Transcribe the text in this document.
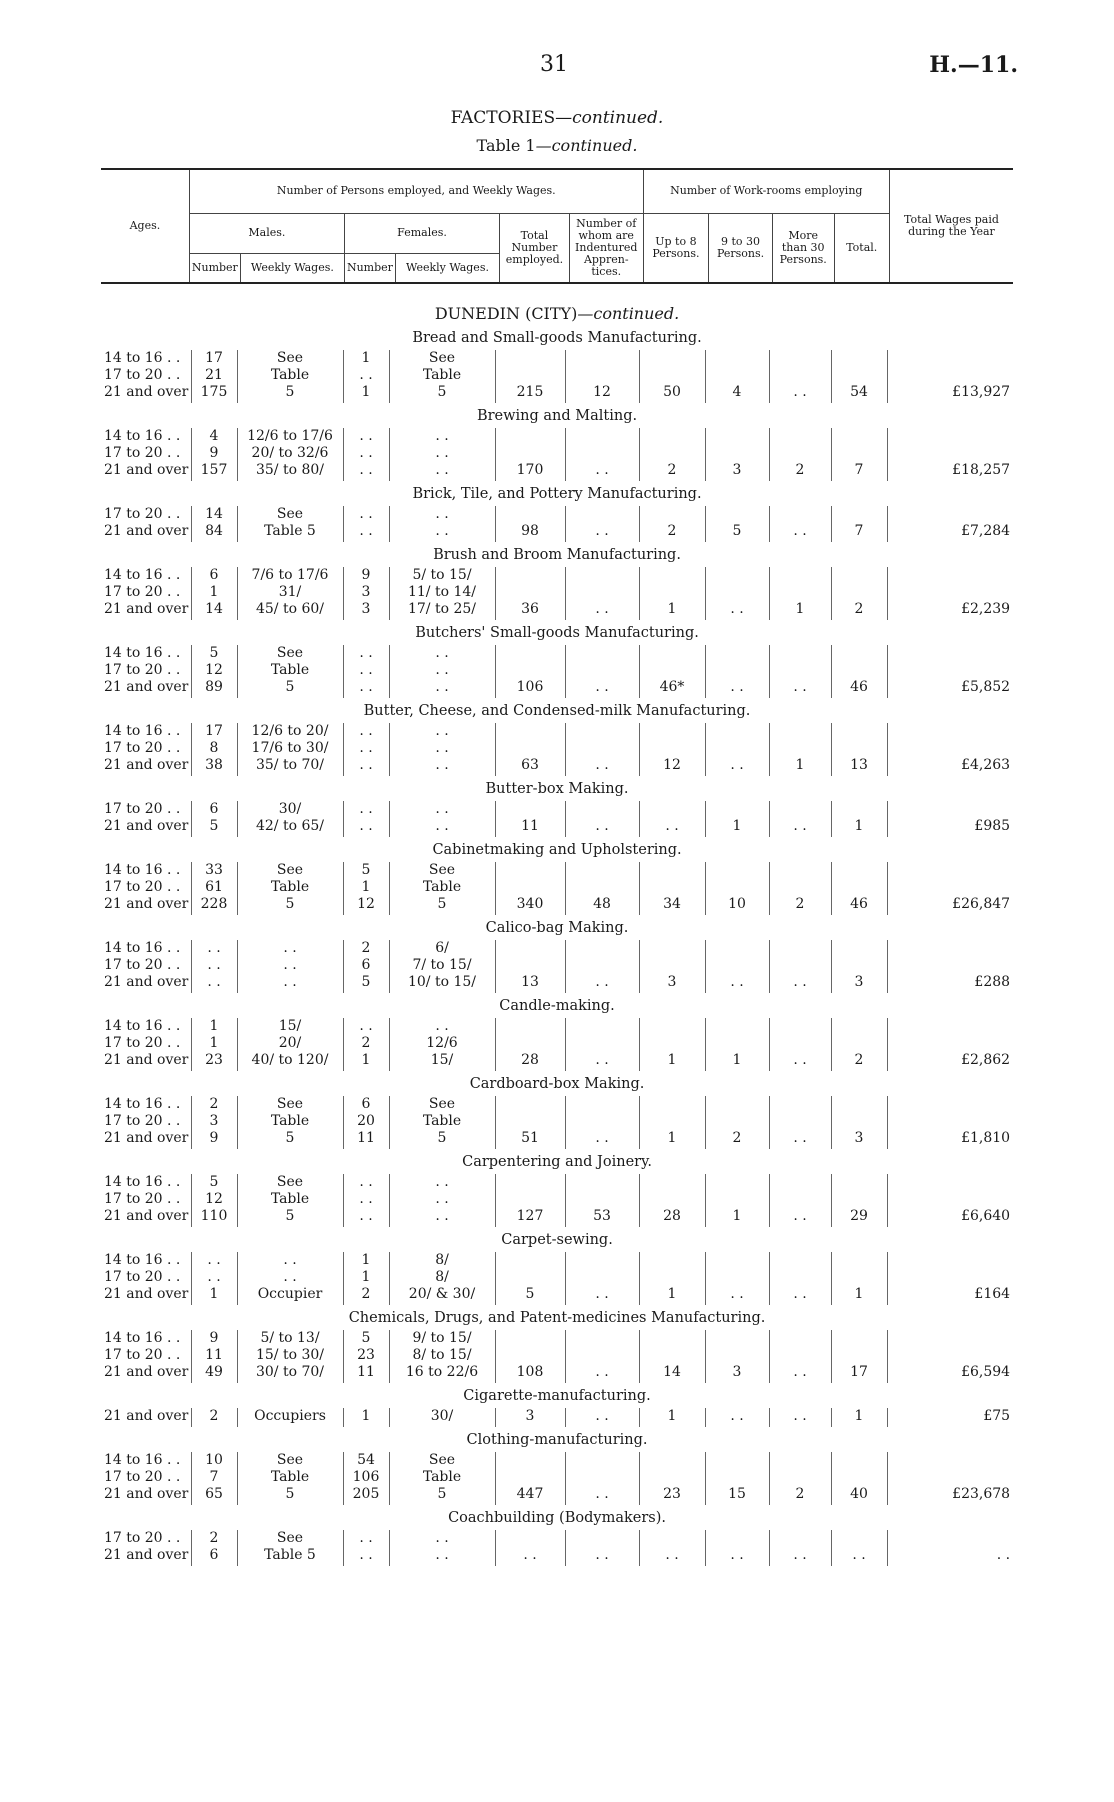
31	H.—11.
FACTORIES—continued.
Table 1—continued.
Ages.	Number of Persons employed, and Weekly Wages.						Number of Work-rooms employing				Total Wages paid during the Year
	Males.		Females.		Total Number employed.	Number of whom are Indentured Appren-tices.	Up to 8 Persons.	9 to 30 Persons.	More than 30 Persons.	Total.	
	Number	Weekly Wages.	Number	Weekly Wages.							
DUNEDIN (CITY)—continued.											
Bread and Small-goods Manufacturing.											
14 to 16 . .	17	See	1	See							
17 to 20 . .	21	Table	. .	Table							
21 and over	175	5	1	5	215	12	50	4	. .	54	£13,927
Brewing and Malting.											
14 to 16 . .	4	12/6 to 17/6	. .	. .							
17 to 20 . .	9	20/ to 32/6	. .	. .							
21 and over	157	35/ to 80/	. .	. .	170	. .	2	3	2	7	£18,257
Brick, Tile, and Pottery Manufacturing.											
17 to 20 . .	14	See	. .	. .							
21 and over	84	Table 5	. .	. .	98	. .	2	5	. .	7	£7,284
Brush and Broom Manufacturing.											
14 to 16 . .	6	7/6 to 17/6	9	5/ to 15/							
17 to 20 . .	1	31/	3	11/ to 14/							
21 and over	14	45/ to 60/	3	17/ to 25/	36	. .	1	. .	1	2	£2,239
Butchers' Small-goods Manufacturing.											
14 to 16 . .	5	See	. .	. .							
17 to 20 . .	12	Table	. .	. .							
21 and over	89	5	. .	. .	106	. .	46*	. .	. .	46	£5,852
Butter, Cheese, and Condensed-milk Manufacturing.											
14 to 16 . .	17	12/6 to 20/	. .	. .							
17 to 20 . .	8	17/6 to 30/	. .	. .							
21 and over	38	35/ to 70/	. .	. .	63	. .	12	. .	1	13	£4,263
Butter-box Making.											
17 to 20 . .	6	30/	. .	. .							
21 and over	5	42/ to 65/	. .	. .	11	. .	. .	1	. .	1	£985
Cabinetmaking and Upholstering.											
14 to 16 . .	33	See	5	See							
17 to 20 . .	61	Table	1	Table							
21 and over	228	5	12	5	340	48	34	10	2	46	£26,847
Calico-bag Making.											
14 to 16 . .	. .	. .	2	6/							
17 to 20 . .	. .	. .	6	7/ to 15/							
21 and over	. .	. .	5	10/ to 15/	13	. .	3	. .	. .	3	£288
Candle-making.											
14 to 16 . .	1	15/	. .	. .							
17 to 20 . .	1	20/	2	12/6							
21 and over	23	40/ to 120/	1	15/	28	. .	1	1	. .	2	£2,862
Cardboard-box Making.											
14 to 16 . .	2	See	6	See							
17 to 20 . .	3	Table	20	Table							
21 and over	9	5	11	5	51	. .	1	2	. .	3	£1,810
Carpentering and Joinery.											
14 to 16 . .	5	See	. .	. .							
17 to 20 . .	12	Table	. .	. .							
21 and over	110	5	. .	. .	127	53	28	1	. .	29	£6,640
Carpet-sewing.											
14 to 16 . .	. .	. .	1	8/							
17 to 20 . .	. .	. .	1	8/							
21 and over	1	Occupier	2	20/ & 30/	5	. .	1	. .	. .	1	£164
Chemicals, Drugs, and Patent-medicines Manufacturing.											
14 to 16 . .	9	5/ to 13/	5	9/ to 15/							
17 to 20 . .	11	15/ to 30/	23	8/ to 15/							
21 and over	49	30/ to 70/	11	16 to 22/6	108	. .	14	3	. .	17	£6,594
Cigarette-manufacturing.											
21 and over	2	Occupiers	1	30/	3	. .	1	. .	. .	1	£75
Clothing-manufacturing.											
14 to 16 . .	10	See	54	See							
17 to 20 . .	7	Table	106	Table							
21 and over	65	5	205	5	447	. .	23	15	2	40	£23,678
Coachbuilding (Bodymakers).											
17 to 20 . .	2	See	. .	. .							
21 and over	6	Table 5	. .	. .	. .	. .	. .	. .	. .	. .	. .
